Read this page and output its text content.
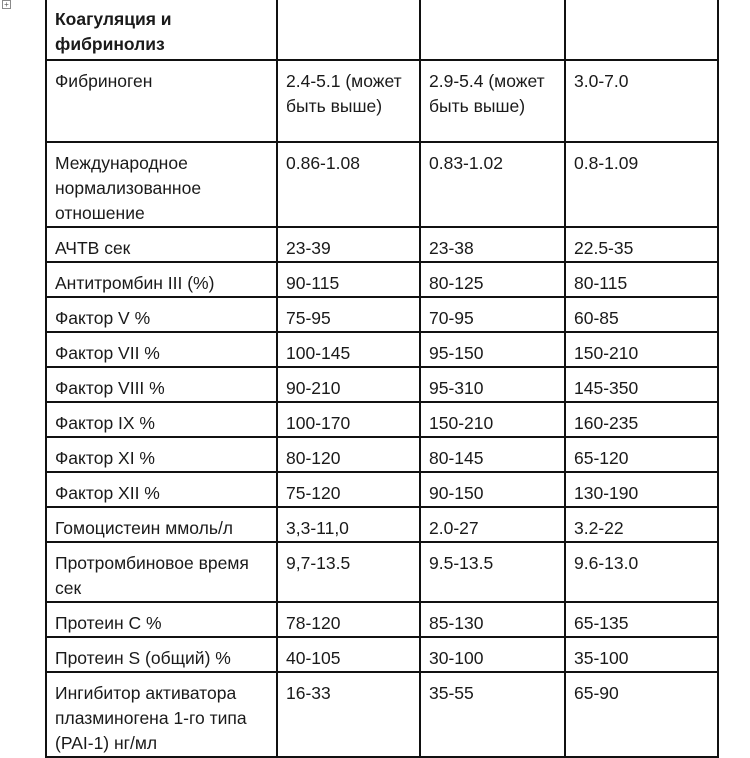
+
Коагуляция и фибринолиз			

Фибриноген	2.4-5.1 (может быть выше)	2.9-5.4 (может быть выше)	3.0-7.0

Международное нормализованное отношение	0.86-1.08	0.83-1.02	0.8-1.09

АЧТВ сек	23-39	23-38	22.5-35

Антитромбин III (%)	90-115	80-125	80-115

Фактор V %	75-95	70-95	60-85

Фактор VII %	100-145	95-150	150-210

Фактор VIII %	90-210	95-310	145-350

Фактор IX %	100-170	150-210	160-235

Фактор XI %	80-120	80-145	65-120

Фактор XII %	75-120	90-150	130-190

Гомоцистеин ммоль/л	3,3-11,0	2.0-27	3.2-22

Протромбиновое время сек	9,7-13.5	9.5-13.5	9.6-13.0

Протеин С %	78-120	85-130	65-135

Протеин S (общий) %	40-105	30-100	35-100

Ингибитор активатора плазминогена 1-го типа (PAI-1) нг/мл	16-33	35-55	65-90
